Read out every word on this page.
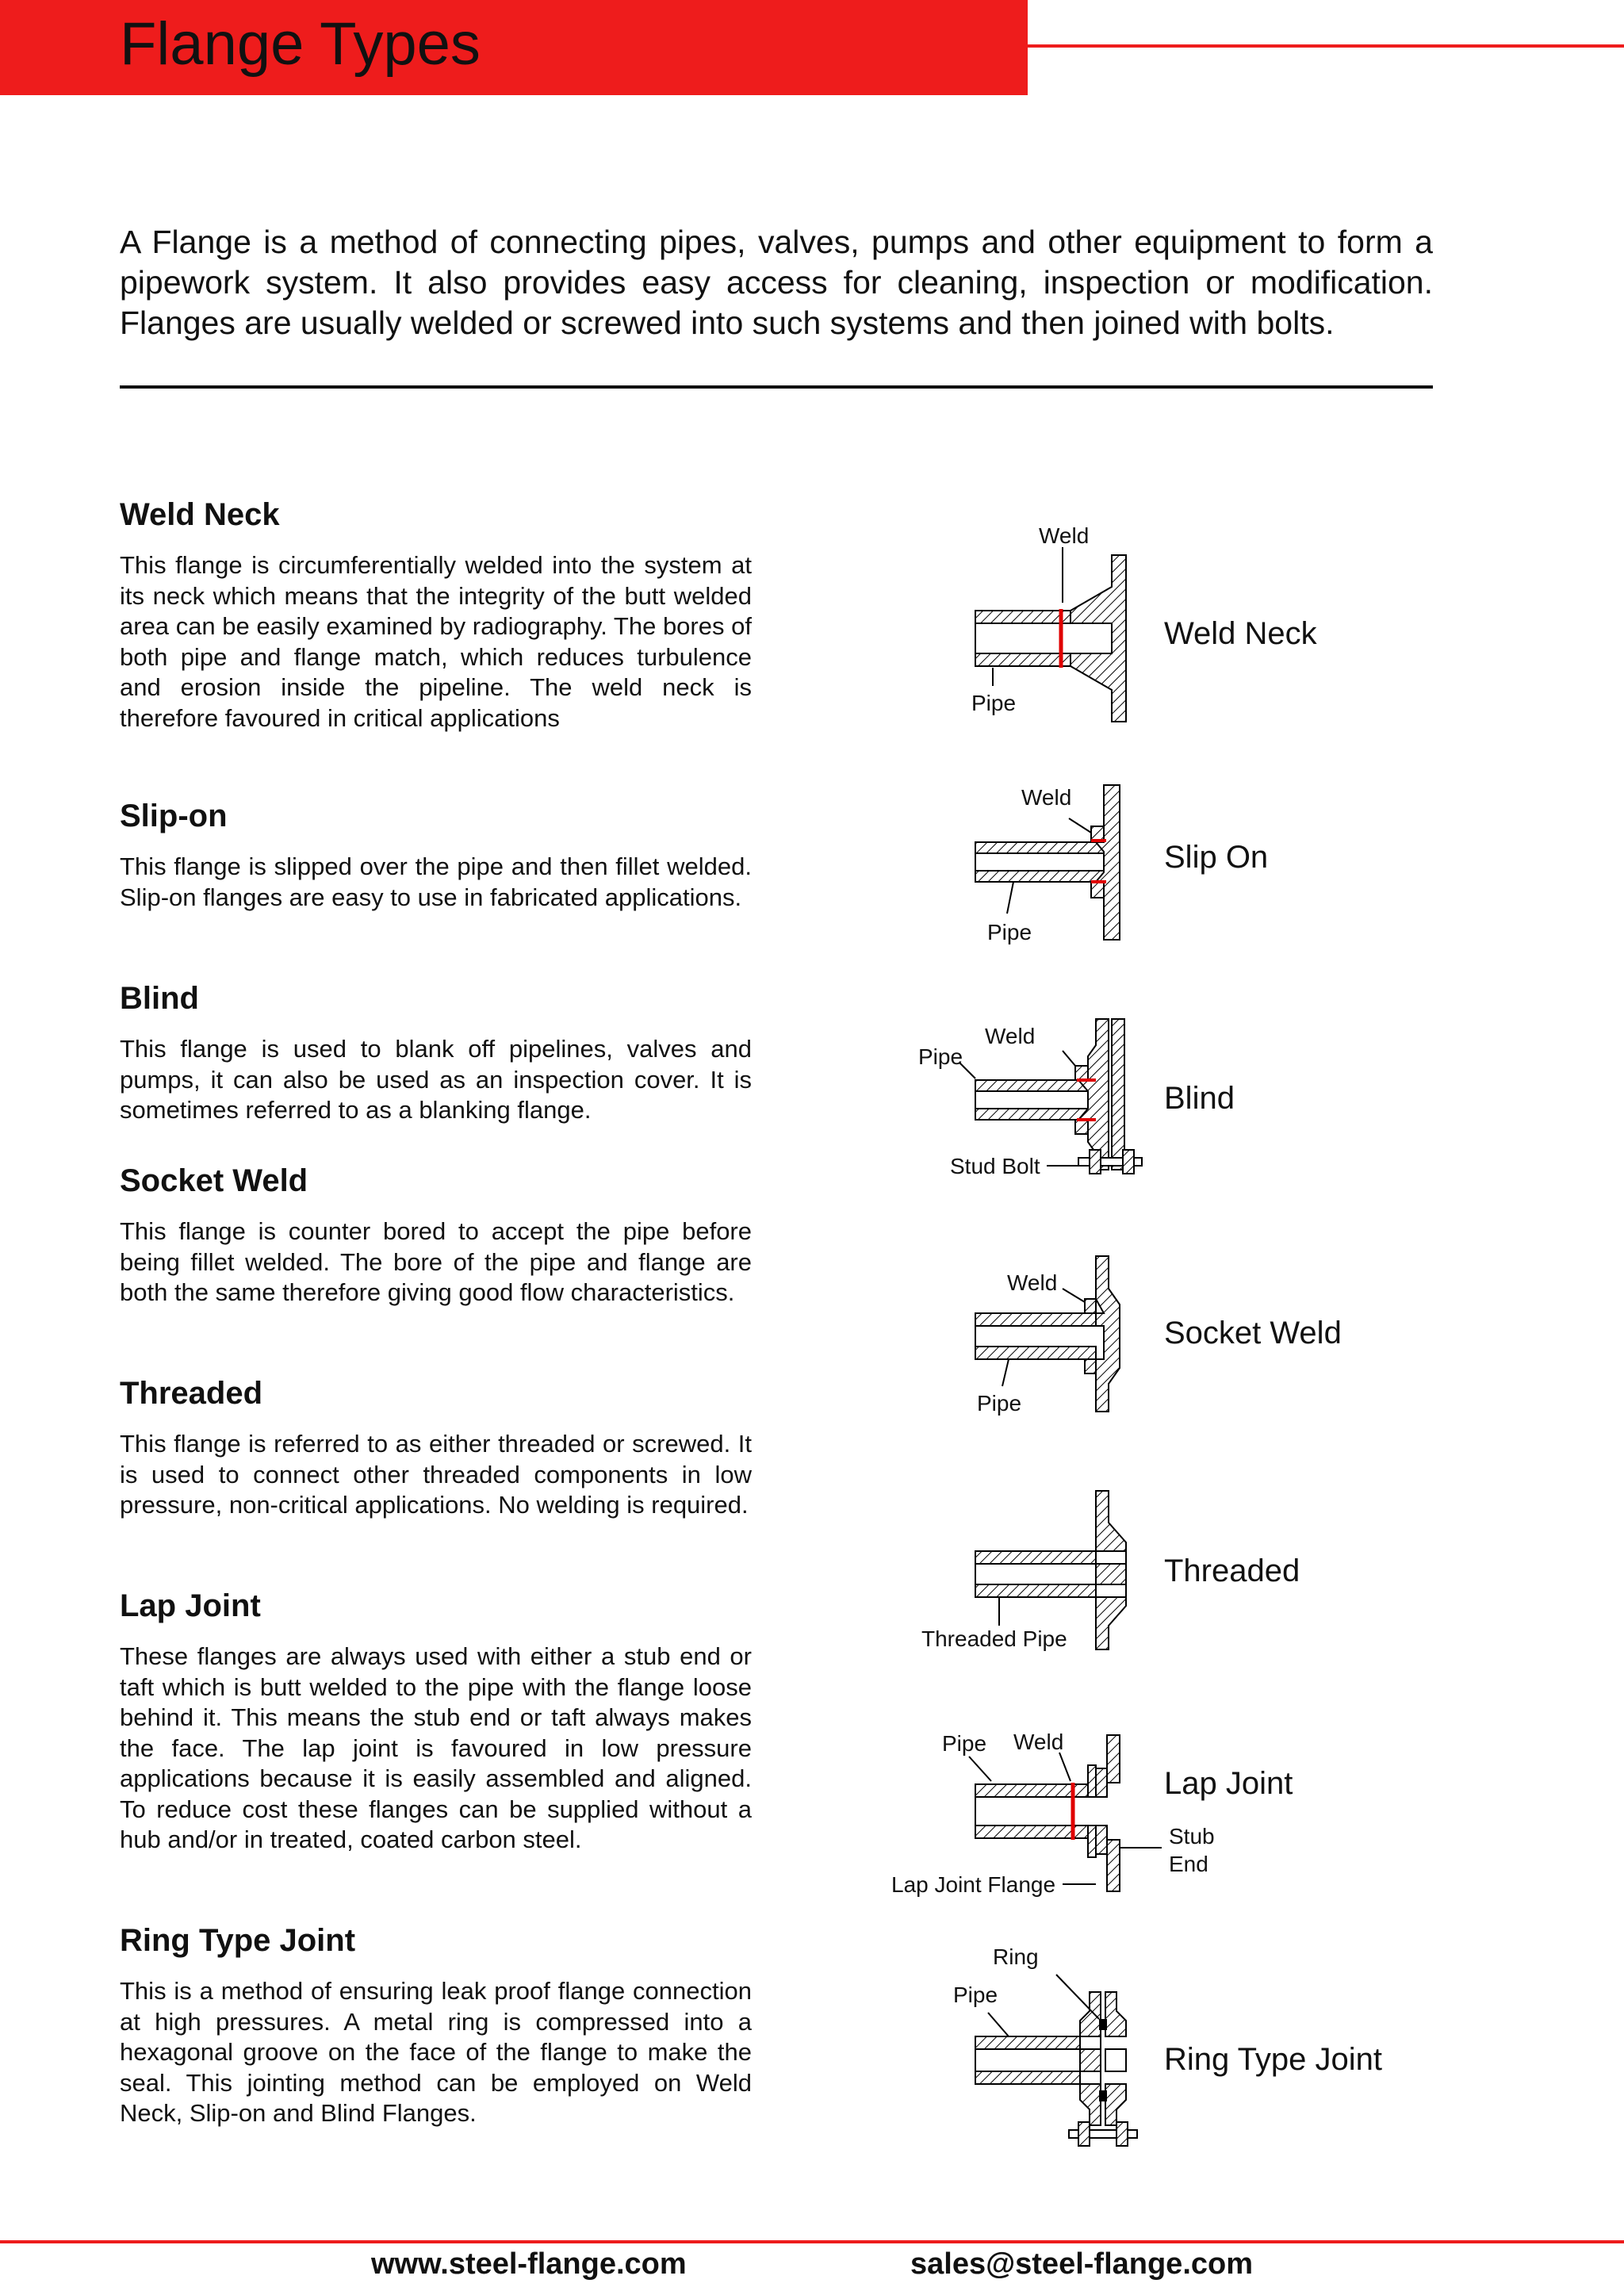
Flange Types

A Flange is a method of connecting pipes, valves, pumps and other equipment to form a pipework system. It also provides easy access for cleaning, inspection or modification. Flanges are usually welded or screwed into such systems and then joined with bolts.

Weld Neck

This flange is circumferentially welded into the system at its neck which means that the integrity of the butt welded area can be easily examined by radiography. The bores of both pipe and flange match, which reduces turbulence and erosion inside the pipeline. The weld neck is therefore favoured in critical applications

Slip-on

This flange is slipped over the pipe and then fillet welded. Slip-on flanges are easy to use in fabricated applications.

Blind

This flange is used to blank off pipelines, valves and pumps, it can also be used as an inspection cover. It is sometimes referred to as a blanking flange.

Socket Weld

This flange is counter bored to accept the pipe before being fillet welded. The bore of the pipe and flange are both the same therefore giving good flow characteristics.

Threaded

This flange is referred to as either threaded or screwed. It is used to connect other threaded components in low pressure, non-critical applications. No welding is required.

Lap Joint

These flanges are always used with either a stub end or taft which is butt welded to the pipe with the flange loose behind it. This means the stub end or taft always makes the face. The lap joint is favoured in low pressure applications because it is easily assembled and aligned. To reduce cost these flanges can be supplied without a hub and/or in treated, coated carbon steel.

Ring Type Joint

This is a method of ensuring leak proof flange connection at high pressures. A metal ring is compressed into a hexagonal groove on the face of the flange to make the seal. This jointing method can be employed on Weld Neck, Slip-on and Blind Flanges.

Weld
Pipe
Weld Neck
Weld
Pipe
Slip On
Pipe
Weld
Stud Bolt
Blind
Weld
Pipe
Socket Weld
Threaded Pipe
Threaded
Pipe Weld
Stub
End
Lap Joint Flange
Lap Joint
Ring
Pipe
Ring Type Joint
www.steel-flange.com	sales@steel-flange.com
